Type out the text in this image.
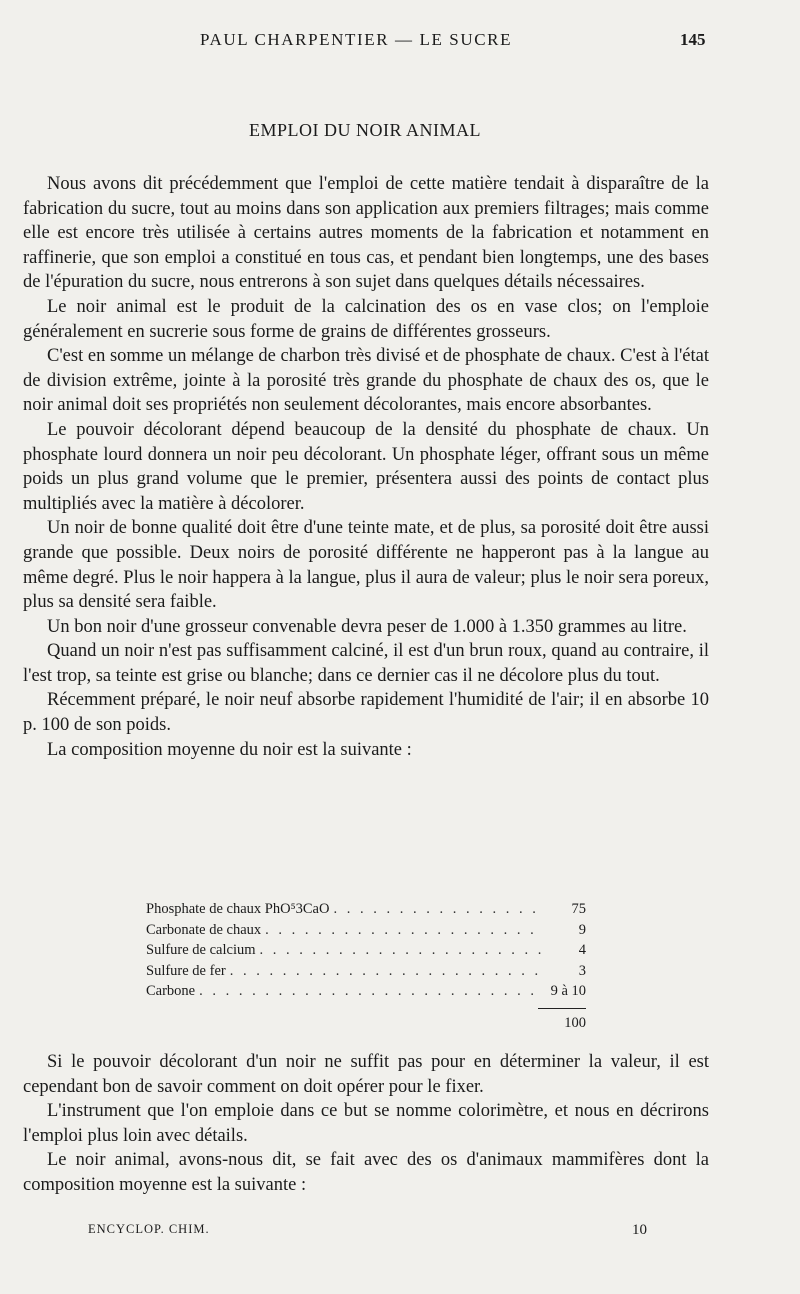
PAUL CHARPENTIER — LE SUCRE	145
EMPLOI DU NOIR ANIMAL

Nous avons dit précédemment que l'emploi de cette matière tendait à disparaître de la fabrication du sucre, tout au moins dans son application aux premiers filtrages; mais comme elle est encore très utilisée à certains autres moments de la fabrication et notamment en raffinerie, que son emploi a constitué en tous cas, et pendant bien longtemps, une des bases de l'épuration du sucre, nous entrerons à son sujet dans quelques détails nécessaires.

Le noir animal est le produit de la calcination des os en vase clos; on l'emploie généralement en sucrerie sous forme de grains de différentes grosseurs.

C'est en somme un mélange de charbon très divisé et de phosphate de chaux. C'est à l'état de division extrême, jointe à la porosité très grande du phosphate de chaux des os, que le noir animal doit ses propriétés non seulement décolorantes, mais encore absorbantes.

Le pouvoir décolorant dépend beaucoup de la densité du phosphate de chaux. Un phosphate lourd donnera un noir peu décolorant. Un phosphate léger, offrant sous un même poids un plus grand volume que le premier, présentera aussi des points de contact plus multipliés avec la matière à décolorer.

Un noir de bonne qualité doit être d'une teinte mate, et de plus, sa porosité doit être aussi grande que possible. Deux noirs de porosité différente ne happeront pas à la langue au même degré. Plus le noir happera à la langue, plus il aura de valeur; plus le noir sera poreux, plus sa densité sera faible.

Un bon noir d'une grosseur convenable devra peser de 1.000 à 1.350 grammes au litre.

Quand un noir n'est pas suffisamment calciné, il est d'un brun roux, quand au contraire, il l'est trop, sa teinte est grise ou blanche; dans ce dernier cas il ne décolore plus du tout.

Récemment préparé, le noir neuf absorbe rapidement l'humidité de l'air; il en absorbe 10 p. 100 de son poids.

La composition moyenne du noir est la suivante :

Phosphate de chaux PhO⁵3CaO . . .	75
Carbonate de chaux . . .	9
Sulfure de calcium . . .	4
Sulfure de fer . . .	3
Carbone . . .	9 à 10
100

Si le pouvoir décolorant d'un noir ne suffit pas pour en déterminer la valeur, il est cependant bon de savoir comment on doit opérer pour le fixer.

L'instrument que l'on emploie dans ce but se nomme colorimètre, et nous en décrirons l'emploi plus loin avec détails.

Le noir animal, avons-nous dit, se fait avec des os d'animaux mammifères dont la composition moyenne est la suivante :

ENCYCLOP. CHIM.	10
